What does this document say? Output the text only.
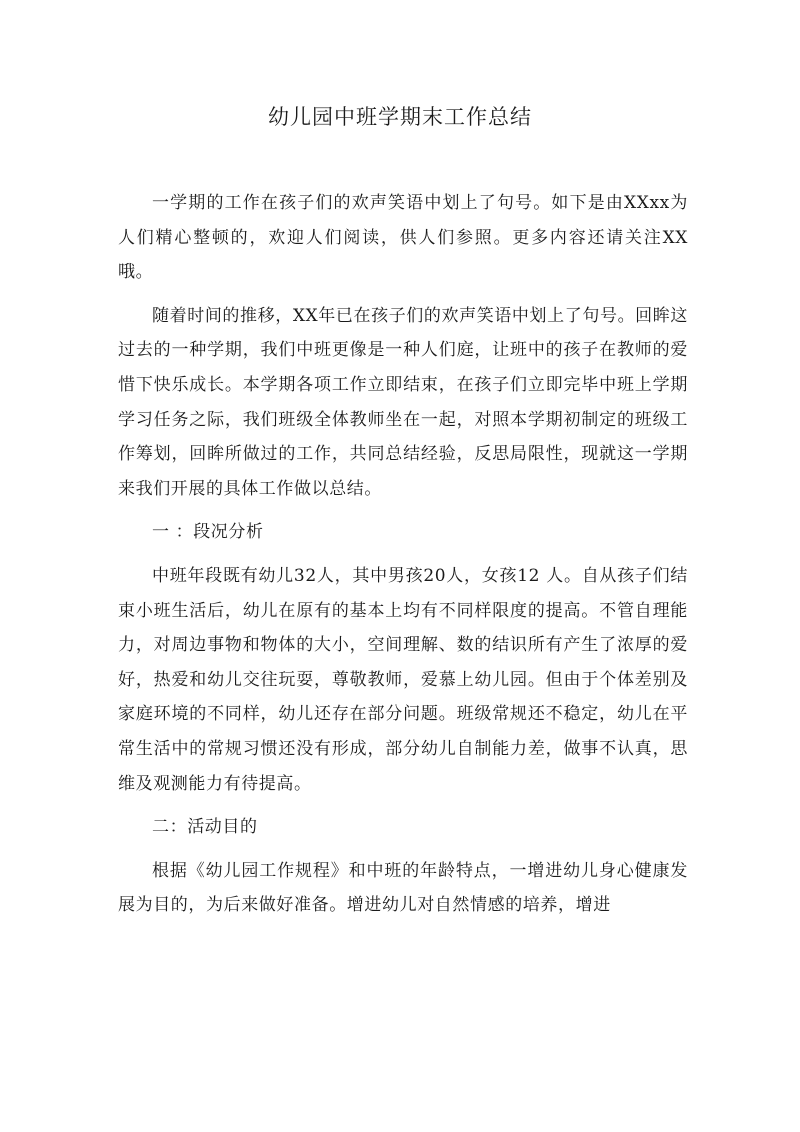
幼儿园中班学期末工作总结

一学期的工作在孩子们的欢声笑语中划上了句号。如下是由XXxx为人们精心整顿的，欢迎人们阅读，供人们参照。更多内容还请关注XX哦。

随着时间的推移，XX年已在孩子们的欢声笑语中划上了句号。回眸这过去的一种学期，我们中班更像是一种人们庭，让班中的孩子在教师的爱惜下快乐成长。本学期各项工作立即结束，在孩子们立即完毕中班上学期学习任务之际，我们班级全体教师坐在一起，对照本学期初制定的班级工作筹划，回眸所做过的工作，共同总结经验，反思局限性，现就这一学期来我们开展的具体工作做以总结。

一 ：段况分析

中班年段既有幼儿32人，其中男孩20人，女孩12 人。自从孩子们结束小班生活后，幼儿在原有的基本上均有不同样限度的提高。不管自理能力，对周边事物和物体的大小，空间理解、数的结识所有产生了浓厚的爱好，热爱和幼儿交往玩耍，尊敬教师，爱慕上幼儿园。但由于个体差别及家庭环境的不同样，幼儿还存在部分问题。班级常规还不稳定，幼儿在平常生活中的常规习惯还没有形成，部分幼儿自制能力差，做事不认真，思维及观测能力有待提高。

二：活动目的

根据《幼儿园工作规程》和中班的年龄特点，一增进幼儿身心健康发展为目的，为后来做好准备。增进幼儿对自然情感的培养，增进
